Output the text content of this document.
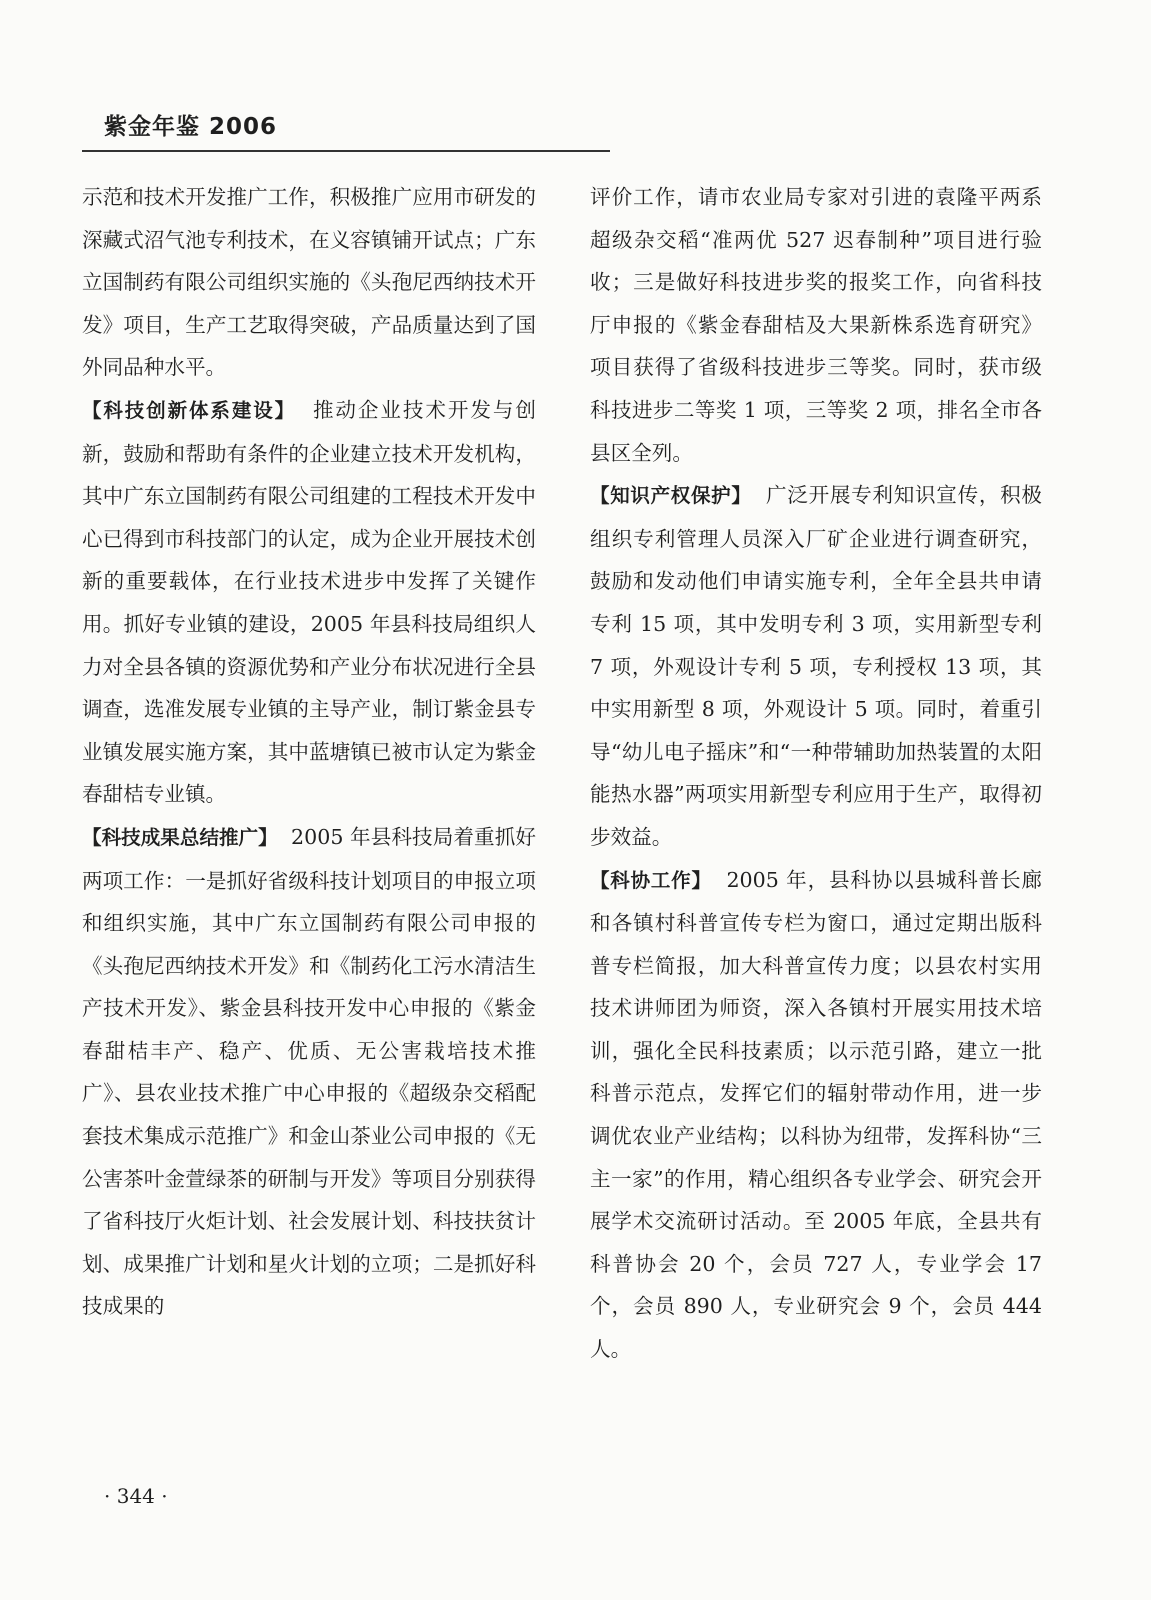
紫金年鉴 2006

示范和技术开发推广工作，积极推广应用市研发的深藏式沼气池专利技术，在义容镇铺开试点；广东立国制药有限公司组织实施的《头孢尼西纳技术开发》项目，生产工艺取得突破，产品质量达到了国外同品种水平。

【科技创新体系建设】 推动企业技术开发与创新，鼓励和帮助有条件的企业建立技术开发机构，其中广东立国制药有限公司组建的工程技术开发中心已得到市科技部门的认定，成为企业开展技术创新的重要载体，在行业技术进步中发挥了关键作用。抓好专业镇的建设，2005 年县科技局组织人力对全县各镇的资源优势和产业分布状况进行全县调查，选准发展专业镇的主导产业，制订紫金县专业镇发展实施方案，其中蓝塘镇已被市认定为紫金春甜桔专业镇。

【科技成果总结推广】 2005 年县科技局着重抓好两项工作：一是抓好省级科技计划项目的申报立项和组织实施，其中广东立国制药有限公司申报的《头孢尼西纳技术开发》和《制药化工污水清洁生产技术开发》、紫金县科技开发中心申报的《紫金春甜桔丰产、稳产、优质、无公害栽培技术推广》、县农业技术推广中心申报的《超级杂交稻配套技术集成示范推广》和金山茶业公司申报的《无公害茶叶金萱绿茶的研制与开发》等项目分别获得了省科技厅火炬计划、社会发展计划、科技扶贫计划、成果推广计划和星火计划的立项；二是抓好科技成果的

评价工作，请市农业局专家对引进的袁隆平两系超级杂交稻“准两优 527 迟春制种”项目进行验收；三是做好科技进步奖的报奖工作，向省科技厅申报的《紫金春甜桔及大果新株系选育研究》项目获得了省级科技进步三等奖。同时，获市级科技进步二等奖 1 项，三等奖 2 项，排名全市各县区全列。

【知识产权保护】 广泛开展专利知识宣传，积极组织专利管理人员深入厂矿企业进行调查研究，鼓励和发动他们申请实施专利，全年全县共申请专利 15 项，其中发明专利 3 项，实用新型专利 7 项，外观设计专利 5 项，专利授权 13 项，其中实用新型 8 项，外观设计 5 项。同时，着重引导“幼儿电子摇床”和“一种带辅助加热装置的太阳能热水器”两项实用新型专利应用于生产，取得初步效益。

【科协工作】 2005 年，县科协以县城科普长廊和各镇村科普宣传专栏为窗口，通过定期出版科普专栏简报，加大科普宣传力度；以县农村实用技术讲师团为师资，深入各镇村开展实用技术培训，强化全民科技素质；以示范引路，建立一批科普示范点，发挥它们的辐射带动作用，进一步调优农业产业结构；以科协为纽带，发挥科协“三主一家”的作用，精心组织各专业学会、研究会开展学术交流研讨活动。至 2005 年底，全县共有科普协会 20 个，会员 727 人，专业学会 17 个，会员 890 人，专业研究会 9 个，会员 444 人。

· 344 ·
